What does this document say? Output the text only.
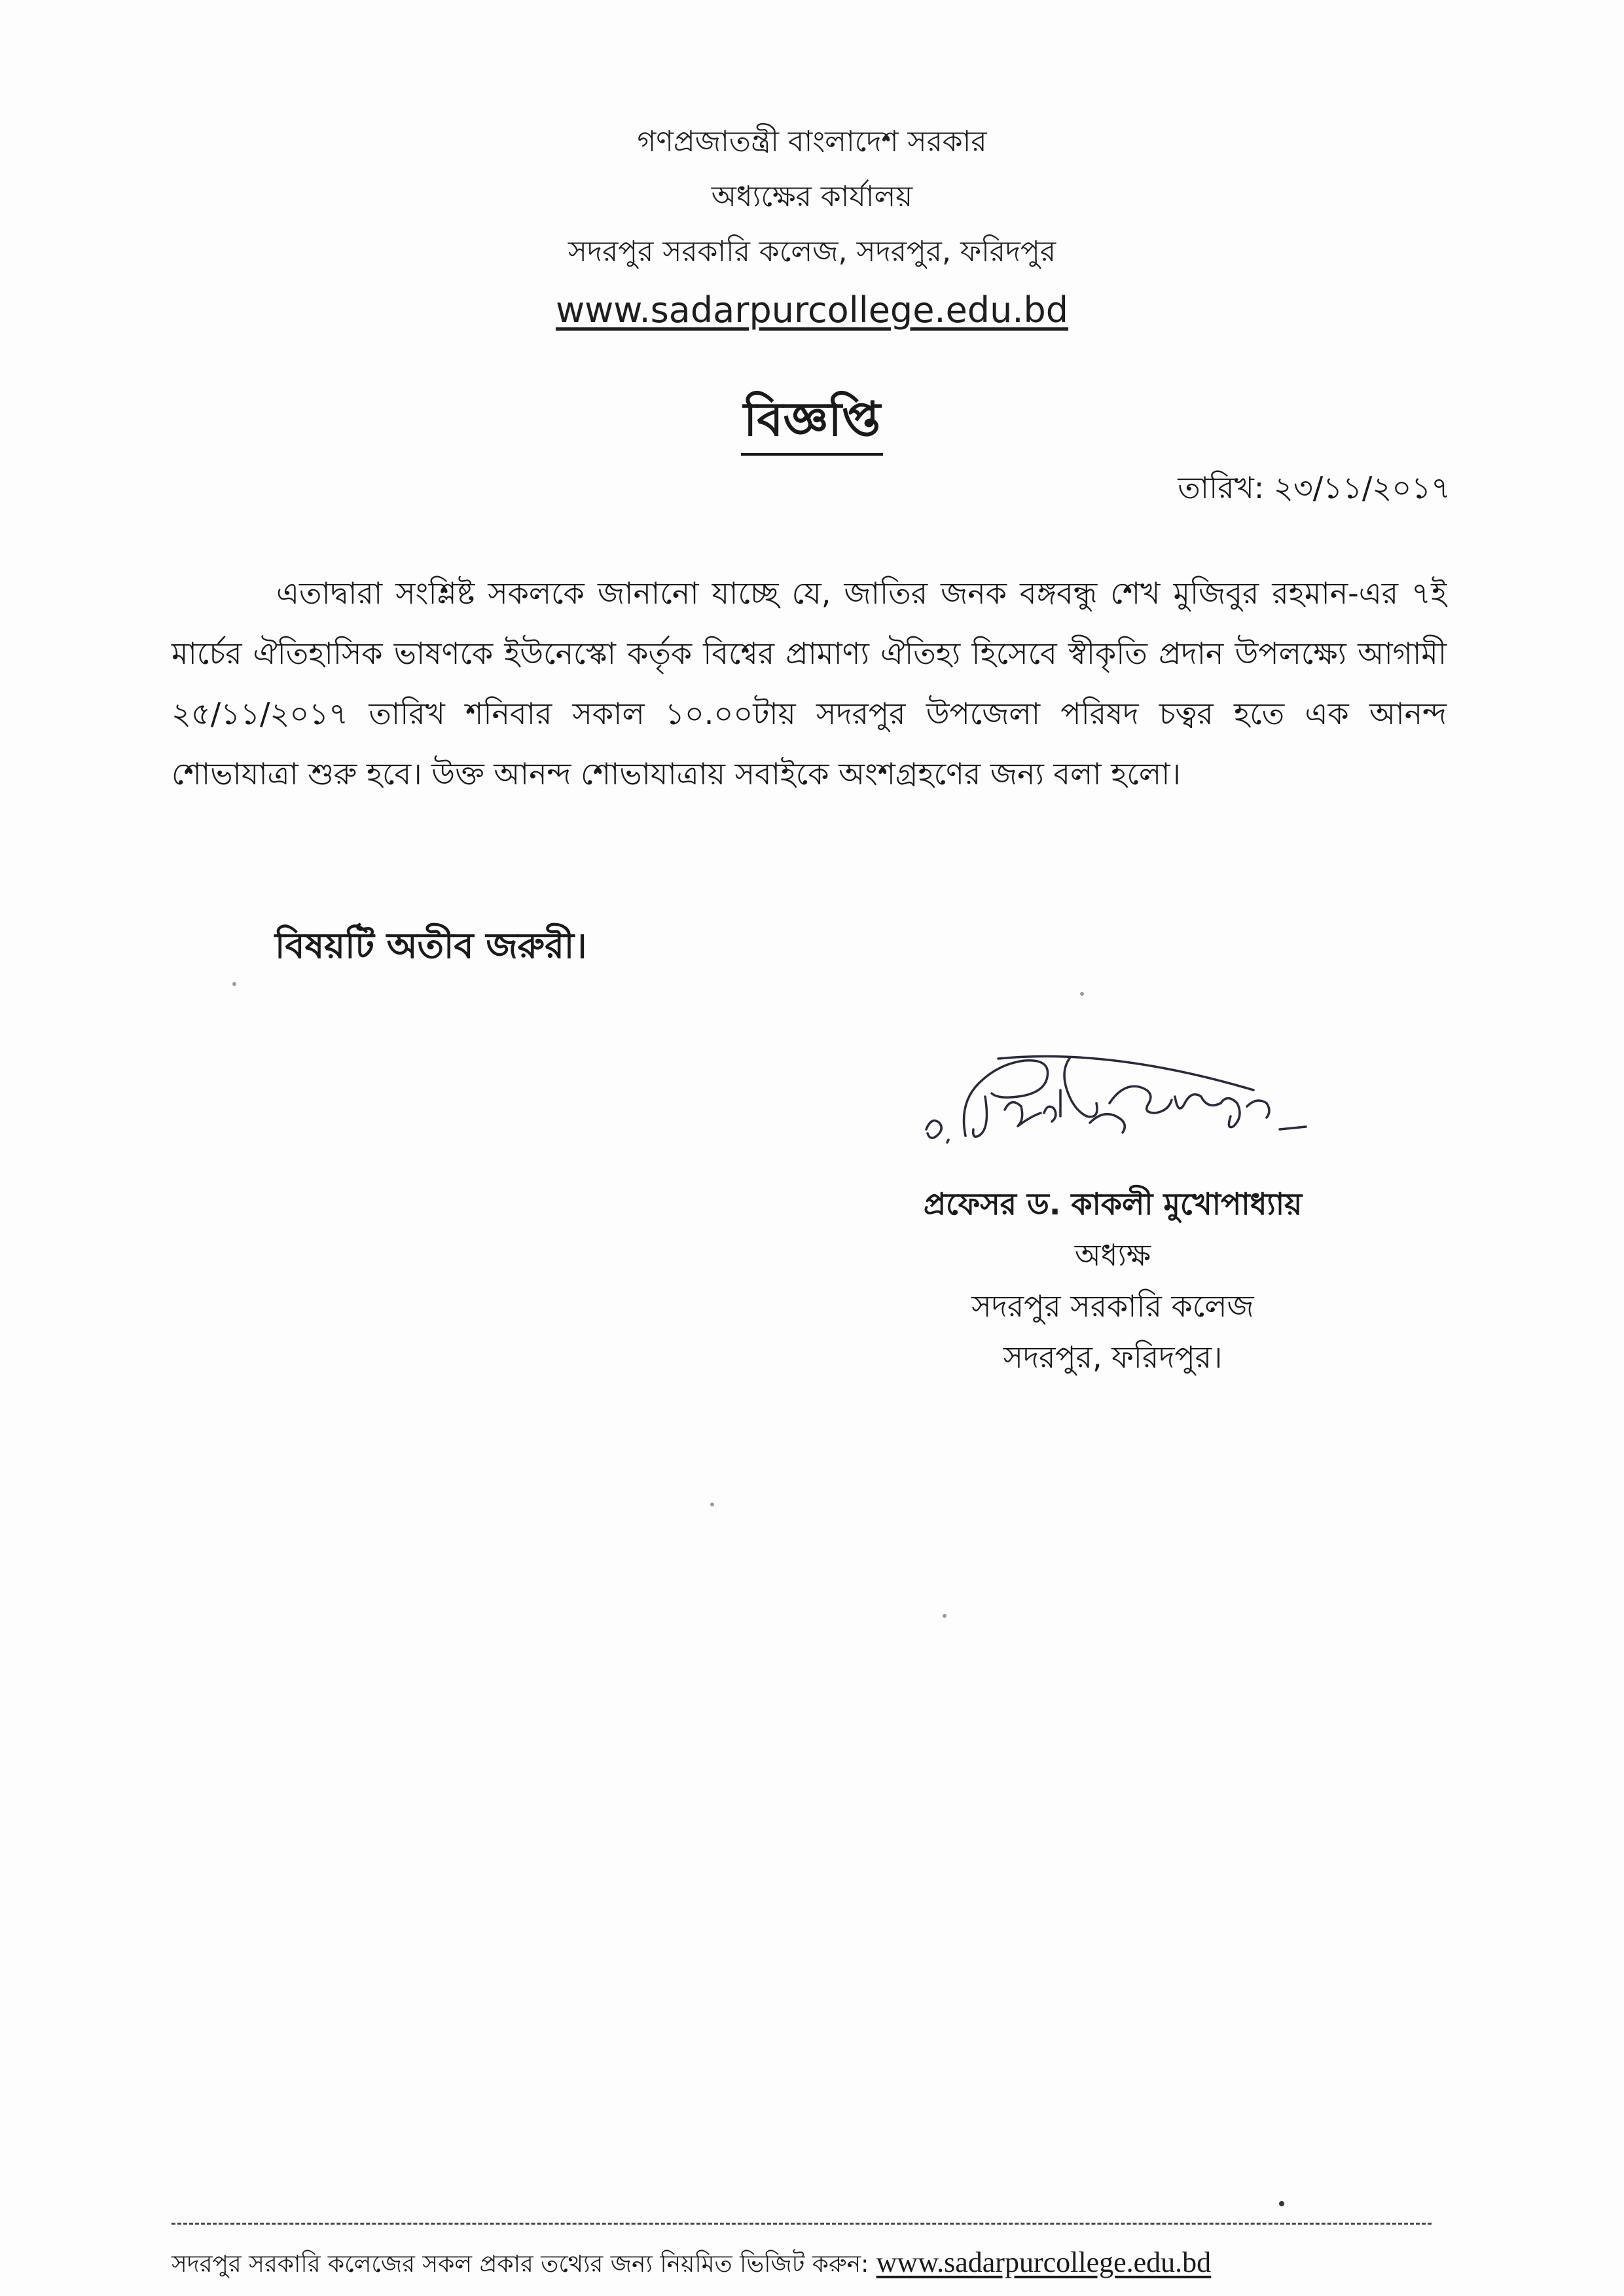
গণপ্রজাতন্ত্রী বাংলাদেশ সরকার
অধ্যক্ষের কার্যালয়
সদরপুর সরকারি কলেজ, সদরপুর, ফরিদপুর
www.sadarpurcollege.edu.bd
বিজ্ঞপ্তি
তারিখ: ২৩/১১/২০১৭
এতাদ্বারা সংশ্লিষ্ট সকলকে জানানো যাচ্ছে যে, জাতির জনক বঙ্গবন্ধু শেখ মুজিবুর রহমান-এর ৭ই মার্চের ঐতিহাসিক ভাষণকে ইউনেস্কো কর্তৃক বিশ্বের প্রামাণ্য ঐতিহ্য হিসেবে স্বীকৃতি প্রদান উপলক্ষ্যে আগামী ২৫/১১/২০১৭ তারিখ শনিবার সকাল ১০.০০টায় সদরপুর উপজেলা পরিষদ চত্বর হতে এক আনন্দ শোভাযাত্রা শুরু হবে। উক্ত আনন্দ শোভাযাত্রায় সবাইকে অংশগ্রহণের জন্য বলা হলো।
বিষয়টি অতীব জরুরী।
প্রফেসর ড. কাকলী মুখোপাধ্যায়
অধ্যক্ষ
সদরপুর সরকারি কলেজ
সদরপুর, ফরিদপুর।
সদরপুর সরকারি কলেজের সকল প্রকার তথ্যের জন্য নিয়মিত ভিজিট করুন: www.sadarpurcollege.edu.bd
